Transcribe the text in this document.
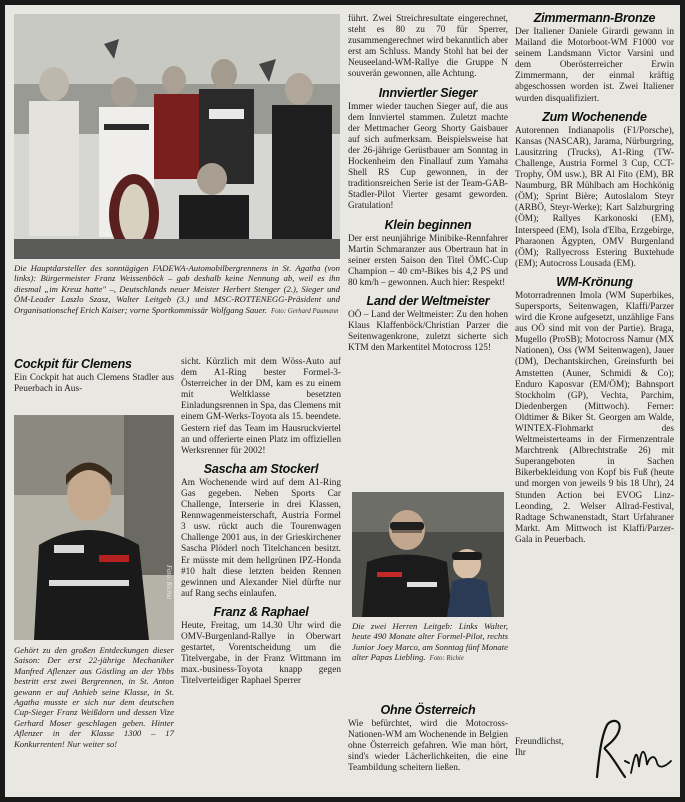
Die Hauptdarsteller des sonntägigen FADEWA-Automobilbergrennens in St. Agatha (von links): Bürgermeister Franz Weissenböck – gab deshalb keine Nennung ab, weil es ihn diesmal „im Kreuz hatte" –, Deutschlands neuer Meister Herbert Stenger (2.), Sieger und ÖM-Leader Laszlo Szasz, Walter Leitgeb (3.) und MSC-ROTTENEGG-Präsident und Organisationschef Erich Kaiser; vorne Sportkommissär Wolfgang Sauer. Foto: Gerhard Paumann
Cockpit für Clemens
Ein Cockpit hat auch Clemens Stadler aus Peuerbach in Aus-
Foto: Richie
Gehört zu den großen Entdeckungen dieser Saison: Der erst 22-jährige Mechaniker Manfred Aflenzer aus Göstling an der Ybbs bestritt erst zwei Bergrennen, in St. Anton gewann er auf Anhieb seine Klasse, in St. Agatha musste er sich nur dem deutschen Cup-Sieger Franz Weißdorn und dessen Vize Gerhard Moser geschlagen geben. Hinter Aflenzer in der Klasse 1300 – 17 Konkurrenten! Nur weiter so!
sicht. Kürzlich mit dem Wöss-Auto auf dem A1-Ring bester Formel-3-Österreicher in der DM, kam es zu einem mit Weltklasse besetzten Einladungsrennen in Spa, das Clemens mit einem GM-Werks-Toyota als 15. beendete. Gestern rief das Team im Hausruckviertel an und offerierte einen Platz im offiziellen Werksrenner für 2002!
Sascha am Stockerl
Am Wochenende wird auf dem A1-Ring Gas gegeben. Neben Sports Car Challenge, Interserie in drei Klassen, Rennwagenmeisterschaft, Austria Formel 3 usw. rückt auch die Tourenwagen Challenge 2001 aus, in der Grieskirchener Sascha Plöderl noch Titelchancen besitzt. Er müsste mit dem hellgrünen IPZ-Honda #10 halt diese letzten beiden Rennen gewinnen und Alexander Niel dürfte nur auf Rang sechs einlaufen.
Franz & Raphael
Heute, Freitag, um 14.30 Uhr wird die OMV-Burgenland-Rallye in Oberwart gestartet, Vorentscheidung um die Titelvergabe, in der Franz Wittmann im max.-business-Toyota knapp gegen Titelverteidiger Raphael Sperrer
führt. Zwei Streichresultate eingerechnet, steht es 80 zu 70 für Sperrer, zusammengerechnet wird bekanntlich aber erst am Schluss. Mandy Stohl hat bei der Neuseeland-WM-Rallye die Gruppe N souverän gewonnen, alle Achtung.
Innviertler Sieger
Immer wieder tauchen Sieger auf, die aus dem Innviertel stammen. Zuletzt machte der Mettmacher Georg Shorty Gaisbauer auf sich aufmerksam. Beispielsweise hat der 26-jährige Gerüstbauer am Sonntag in Hockenheim den Finallauf zum Yamaha Shell RS Cup gewonnen, in der traditionsreichen Serie ist der Team-GAB-Stadler-Pilot Vierter gesamt geworden. Gratulation!
Klein beginnen
Der erst neunjährige Minibike-Rennfahrer Martin Schmaranzer aus Obertraun hat in seiner ersten Saison den Titel ÖMC-Cup Champion – 40 cm³-Bikes bis 4,2 PS und 80 km/h – gewonnen. Auch hier: Respekt!
Land der Weltmeister
OÖ – Land der Weltmeister: Zu den hohen Klaus Klaffenböck/Christian Parzer die Seitenwagenkrone, zuletzt sicherte sich KTM den Markentitel Motocross 125!
Die zwei Herren Leitgeb: Links Walter, heute 490 Monate alter Formel-Pilot, rechts Junior Joey Marco, am Sonntag fünf Monate alter Papas Liebling. Foto: Richie
Ohne Österreich
Wie befürchtet, wird die Motocross-Nationen-WM am Wochenende in Belgien ohne Österreich gefahren. Wie man hört, sind's wieder Lächerlichkeiten, die eine Teambildung scheitern ließen.
Zimmermann-Bronze
Der Italiener Daniele Girardi gewann in Mailand die Motorboot-WM F1000 vor seinem Landsmann Victor Varsini und dem Oberösterreicher Erwin Zimmermann, der einmal kräftig abgeschossen worden ist. Zwei Italiener wurden disqualifiziert.
Zum Wochenende
Autorennen Indianapolis (F1/Porsche), Kansas (NASCAR), Jarama, Nürburgring, Lausitzring (Trucks), A1-Ring (TW-Challenge, Austria Formel 3 Cup, CCT-Trophy, ÖM usw.), BR Al Fito (EM), BR Naumburg, BR Mühlbach am Hochkönig (ÖM); Sprint Bière; Autoslalom Steyr (ARBÖ, Steyr-Werke); Kart Salzburgring (ÖM); Rallyes Karkonoski (EM), Interspeed (EM), Isola d'Elba, Erzgebirge, Pharaonen Ägypten, OMV Burgenland (ÖM); Rallyecross Estering Buxtehude (EM); Autocross Lousada (EM).
WM-Krönung
Motorradrennen Imola (WM Superbikes, Supersports, Seitenwagen, Klaffi/Parzer wird die Krone aufgesetzt, unzählige Fans aus OÖ sind mit von der Partie). Braga, Mugello (ProSB); Motocross Namur (MX Nationen), Oss (WM Seitenwagen), Jauer (DM), Dechantskirchen, Greinsfurth bei Amstetten (Auner, Schmidi & Co); Enduro Kaposvar (EM/ÖM); Bahnsport Stockholm (GP), Vechta, Parchim, Diedenbergen (Mittwoch). Ferner: Oldtimer & Biker St. Georgen am Walde, WINTEX-Flohmarkt des Weltmeisterteams in der Firmenzentrale Marchtrenk (Albrechtstraße 26) mit Superangeboten in Sachen Bikerbekleidung von Kopf bis Fuß (heute und morgen von jeweils 9 bis 18 Uhr), 24 Stunden Action bei EVOG Linz-Leonding, 2. Welser Allrad-Festival, Radtage Schwanenstadt, Start Urfahraner Markt. Am Mittwoch ist Klaffi/Parzer-Gala in Peuerbach.
Freundlichst,
Ihr
